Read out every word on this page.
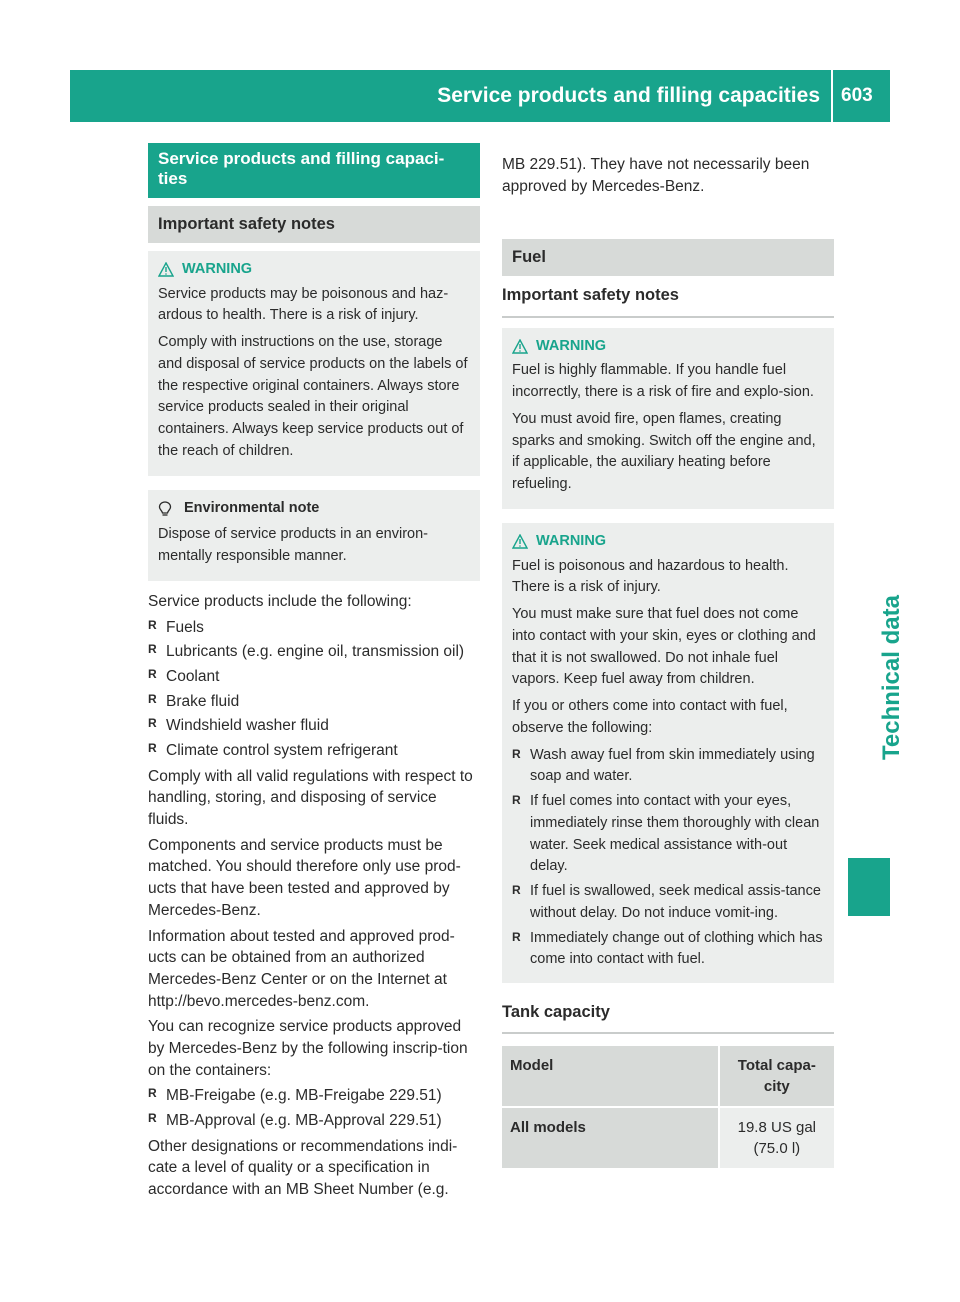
Service products and filling capacities 603
Technical data
Service products and filling capaci-
ties
Important safety notes
WARNING

Service products may be poisonous and haz-ardous to health. There is a risk of injury.

Comply with instructions on the use, storage and disposal of service products on the labels of the respective original containers. Always store service products sealed in their original containers. Always keep service products out of the reach of children.

Environmental note

Dispose of service products in an environ-mentally responsible manner.

Service products include the following:

R Fuels
R Lubricants (e.g. engine oil, transmission oil)
R Coolant
R Brake fluid
R Windshield washer fluid
R Climate control system refrigerant

Comply with all valid regulations with respect to handling, storing, and disposing of service fluids.

Components and service products must be matched. You should therefore only use prod-ucts that have been tested and approved by Mercedes-Benz.

Information about tested and approved prod-ucts can be obtained from an authorized Mercedes-Benz Center or on the Internet at http://bevo.mercedes-benz.com.

You can recognize service products approved by Mercedes-Benz by the following inscrip-tion on the containers:

R MB-Freigabe (e.g. MB-Freigabe 229.51)
R MB-Approval (e.g. MB-Approval 229.51)

Other designations or recommendations indi-cate a level of quality or a specification in accordance with an MB Sheet Number (e.g.

MB 229.51). They have not necessarily been approved by Mercedes-Benz.

Fuel
Important safety notes
WARNING

Fuel is highly flammable. If you handle fuel incorrectly, there is a risk of fire and explo-sion.

You must avoid fire, open flames, creating sparks and smoking. Switch off the engine and, if applicable, the auxiliary heating before refueling.

WARNING

Fuel is poisonous and hazardous to health. There is a risk of injury.

You must make sure that fuel does not come into contact with your skin, eyes or clothing and that it is not swallowed. Do not inhale fuel vapors. Keep fuel away from children.

If you or others come into contact with fuel, observe the following:

R Wash away fuel from skin immediately using soap and water.
R If fuel comes into contact with your eyes, immediately rinse them thoroughly with clean water. Seek medical assistance with-out delay.
R If fuel is swallowed, seek medical assis-tance without delay. Do not induce vomit-ing.
R Immediately change out of clothing which has come into contact with fuel.
Tank capacity
Model	Total capa-city
All models	19.8 US gal
(75.0 l)
